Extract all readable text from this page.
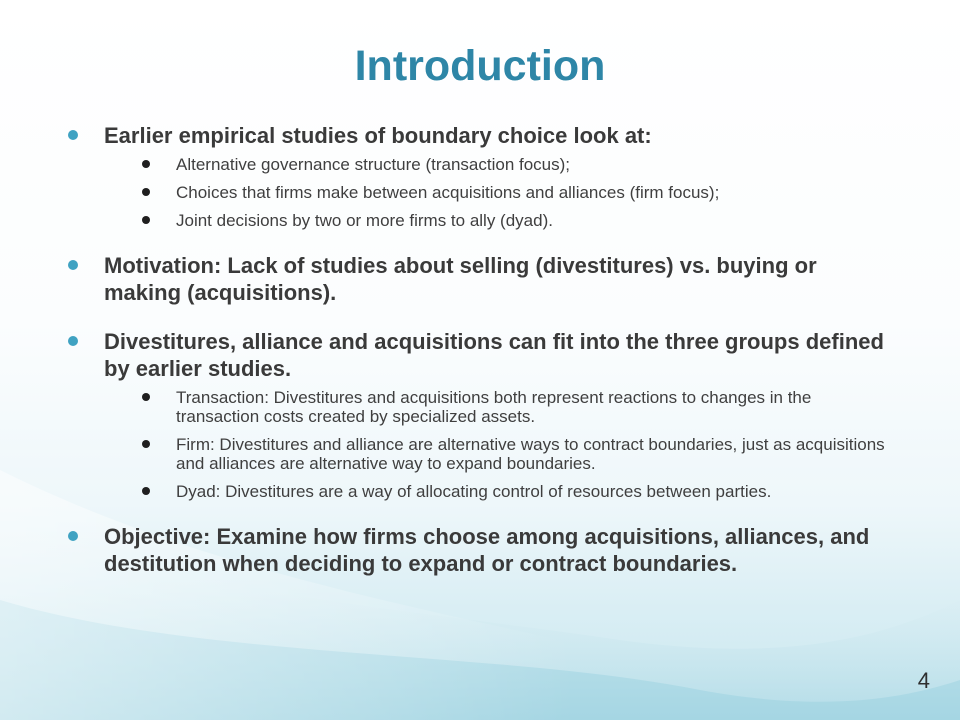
Introduction
Earlier empirical studies of boundary choice look at:
Alternative governance structure (transaction focus);
Choices that firms make between acquisitions and alliances (firm focus);
Joint decisions by two or more firms to ally (dyad).
Motivation: Lack of studies about selling (divestitures) vs. buying or making (acquisitions).
Divestitures, alliance and acquisitions can fit into the three groups defined by earlier studies.
Transaction: Divestitures and acquisitions both represent reactions to changes in the transaction costs created by specialized assets.
Firm: Divestitures and alliance are alternative ways to contract boundaries, just as acquisitions and alliances are alternative way to expand boundaries.
Dyad: Divestitures are a way of allocating control of resources between parties.
Objective: Examine how firms choose among acquisitions, alliances, and destitution when deciding to expand or contract boundaries.
4
